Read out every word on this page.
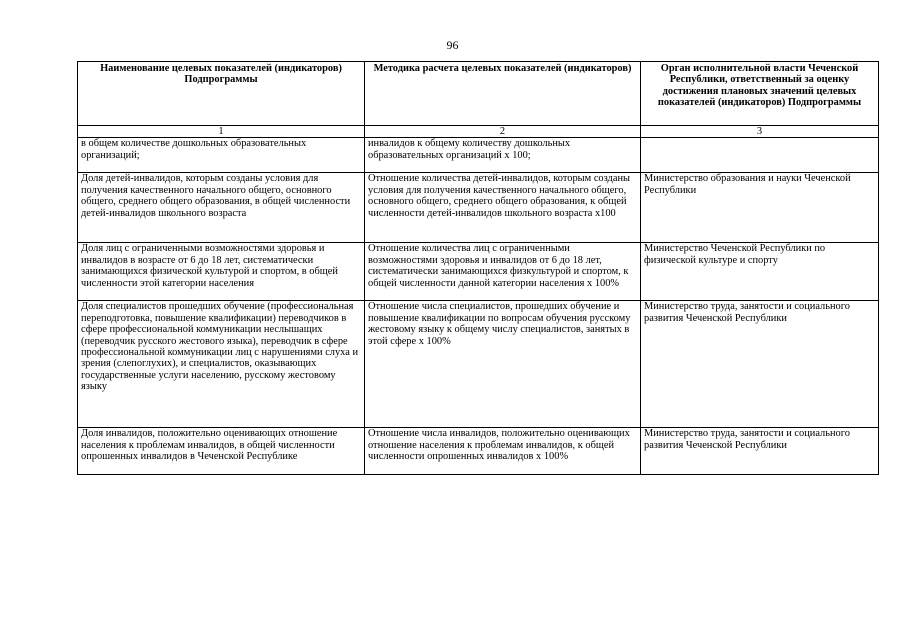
96
Наименование целевых показателей (индикаторов) Подпрограммы	Методика расчета целевых показателей (индикаторов)	Орган исполнительной власти Чеченской Республики, ответственный за оценку достижения плановых значений целевых показателей (индикаторов) Подпрограммы
1	2	3
в общем количестве дошкольных образовательных организаций;	инвалидов к общему количеству дошкольных образовательных организаций х 100;	
Доля детей-инвалидов, которым созданы условия для получения качественного начального общего, основного общего, среднего общего образования, в общей численности детей-инвалидов школьного возраста	Отношение количества детей-инвалидов, которым созданы условия для получения качественного начального общего, основного общего, среднего общего образования, к общей численности детей-инвалидов школьного возраста х100	Министерство образования и науки Чеченской Республики
Доля лиц с ограниченными возможностями здоровья и инвалидов в возрасте от 6 до 18 лет, систематически занимающихся физической культурой и спортом, в общей численности этой категории населения	Отношение количества лиц с ограниченными возможностями здоровья и инвалидов от 6 до 18 лет, систематически занимающихся физкультурой и спортом, к общей численности данной категории населения х 100%	Министерство Чеченской Республики по физической культуре и спорту
Доля специалистов прошедших обучение (профессиональная переподготовка, повышение квалификации) переводчиков в сфере профессиональной коммуникации неслышащих (переводчик русского жестового языка), переводчик в сфере профессиональной коммуникации лиц с нарушениями слуха и зрения (слепоглухих), и специалистов, оказывающих государственные услуги населению, русскому жестовому языку	Отношение числа специалистов, прошедших обучение и повышение квалификации по вопросам обучения русскому жестовому языку к общему числу специалистов, занятых в этой сфере х 100%	Министерство труда, занятости и социального развития Чеченской Республики
Доля инвалидов, положительно оценивающих отношение населения к проблемам инвалидов, в общей численности опрошенных инвалидов в Чеченской Республике	Отношение числа инвалидов, положительно оценивающих отношение населения к проблемам инвалидов, к общей численности опрошенных инвалидов х 100%	Министерство труда, занятости и социального развития Чеченской Республики
